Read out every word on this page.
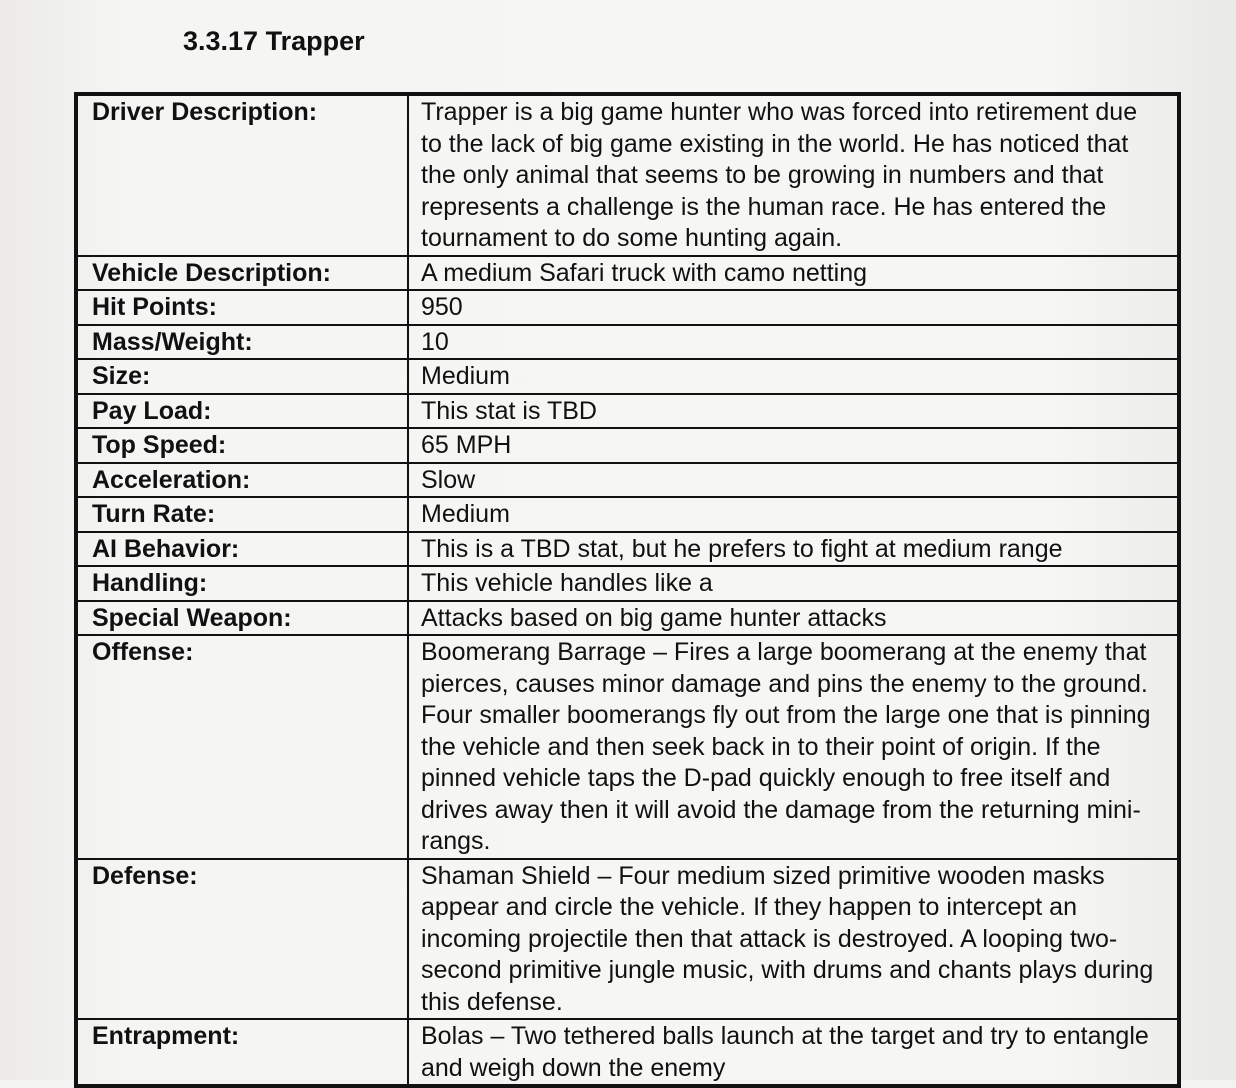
3.3.17 Trapper
Driver Description:	Trapper is a big game hunter who was forced into retirement due to the lack of big game existing in the world. He has noticed that the only animal that seems to be growing in numbers and that represents a challenge is the human race. He has entered the tournament to do some hunting again.
Vehicle Description:	A medium Safari truck with camo netting
Hit Points:	950
Mass/Weight:	10
Size:	Medium
Pay Load:	This stat is TBD
Top Speed:	65 MPH
Acceleration:	Slow
Turn Rate:	Medium
AI Behavior:	This is a TBD stat, but he prefers to fight at medium range
Handling:	This vehicle handles like a
Special Weapon:	Attacks based on big game hunter attacks
Offense:	Boomerang Barrage – Fires a large boomerang at the enemy that pierces, causes minor damage and pins the enemy to the ground. Four smaller boomerangs fly out from the large one that is pinning the vehicle and then seek back in to their point of origin. If the pinned vehicle taps the D-pad quickly enough to free itself and drives away then it will avoid the damage from the returning mini-rangs.
Defense:	Shaman Shield – Four medium sized primitive wooden masks appear and circle the vehicle. If they happen to intercept an incoming projectile then that attack is destroyed. A looping two-second primitive jungle music, with drums and chants plays during this defense.
Entrapment:	Bolas – Two tethered balls launch at the target and try to entangle and weigh down the enemy
